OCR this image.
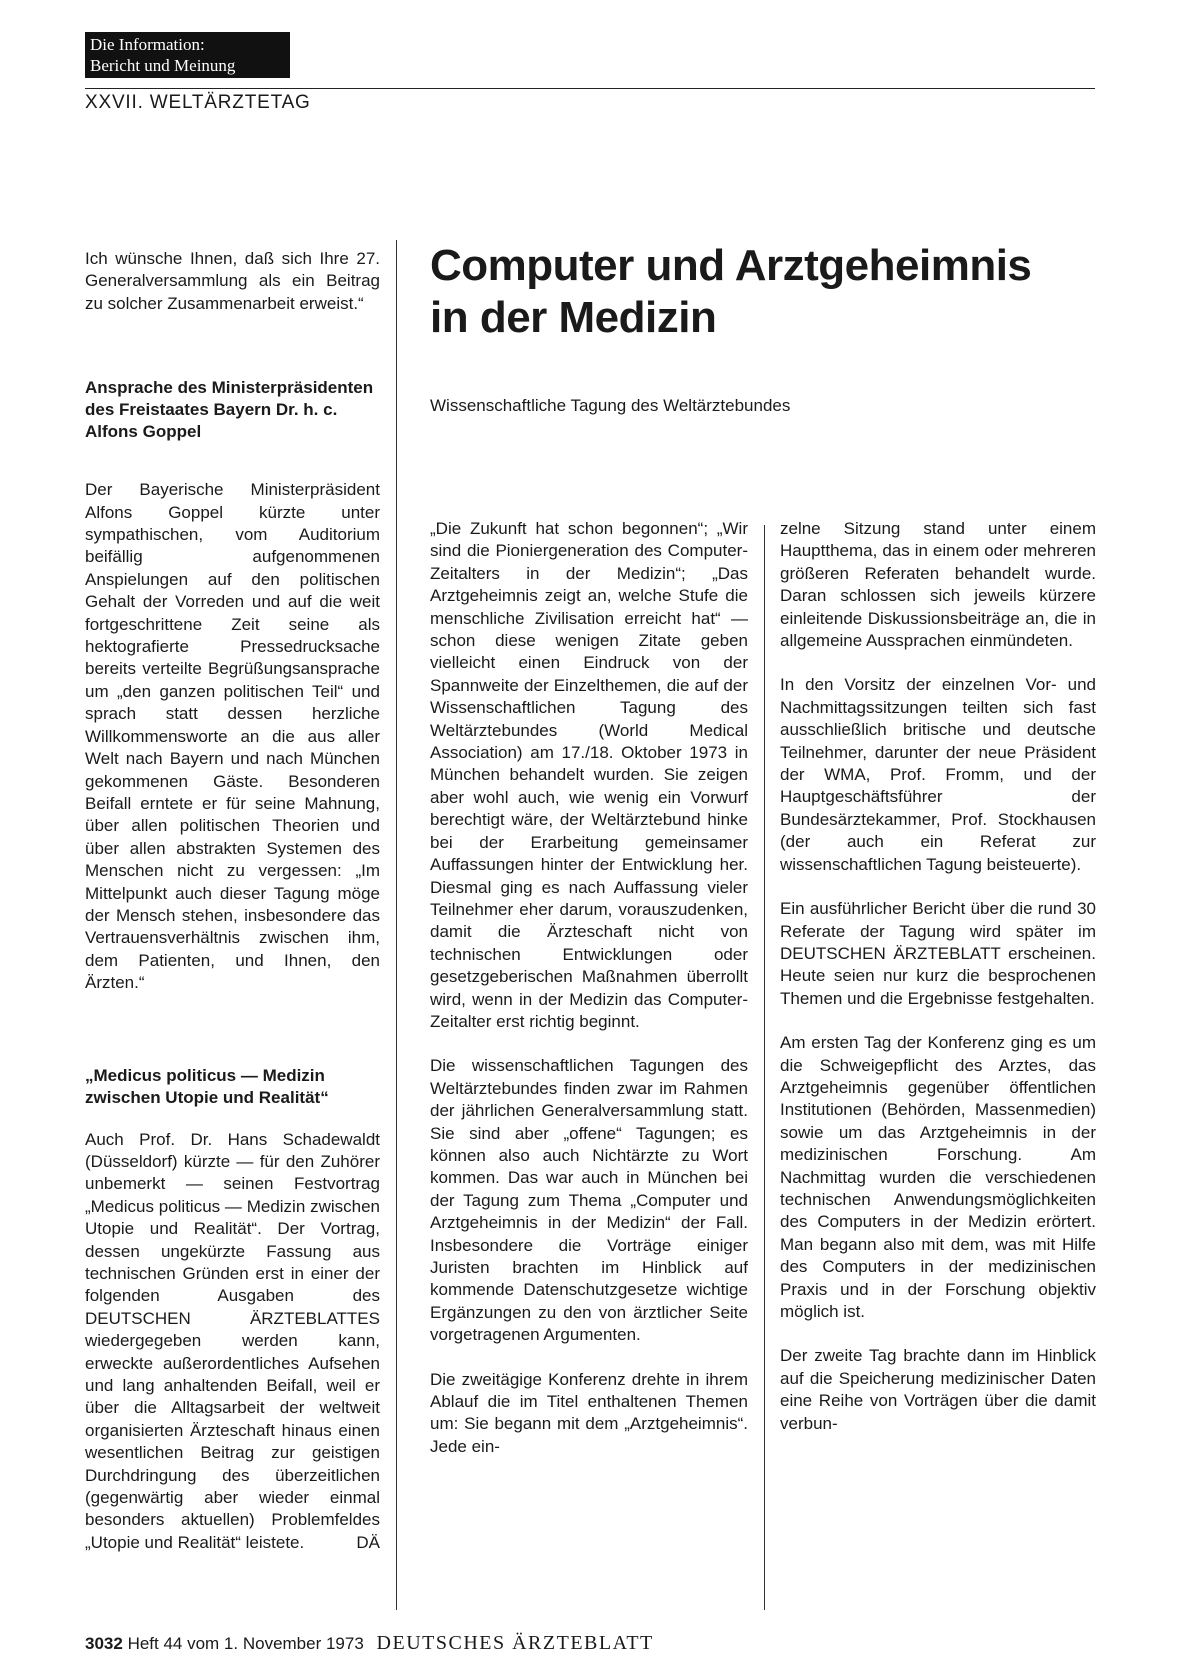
Die Information:
Bericht und Meinung
XXVII. WELTÄRZTETAG
Computer und Arztgeheimnis in der Medizin
Wissenschaftliche Tagung des Weltärztebundes

Ich wünsche Ihnen, daß sich Ihre 27. Generalversammlung als ein Beitrag zu solcher Zusammenarbeit erweist.“

Ansprache des Ministerpräsidenten des Freistaates Bayern Dr. h. c. Alfons Goppel

Der Bayerische Ministerpräsident Alfons Goppel kürzte unter sympathischen, vom Auditorium beifällig aufgenommenen Anspielungen auf den politischen Gehalt der Vorreden und auf die weit fortgeschrittene Zeit seine als hektografierte Pressedrucksache bereits verteilte Begrüßungsansprache um „den ganzen politischen Teil“ und sprach statt dessen herzliche Willkommensworte an die aus aller Welt nach Bayern und nach München gekommenen Gäste. Besonderen Beifall erntete er für seine Mahnung, über allen politischen Theorien und über allen abstrakten Systemen des Menschen nicht zu vergessen: „Im Mittelpunkt auch dieser Tagung möge der Mensch stehen, insbesondere das Vertrauensverhältnis zwischen ihm, dem Patienten, und Ihnen, den Ärzten.“

„Medicus politicus — Medizin zwischen Utopie und Realität“

Auch Prof. Dr. Hans Schadewaldt (Düsseldorf) kürzte — für den Zuhörer unbemerkt — seinen Festvortrag „Medicus politicus — Medizin zwischen Utopie und Realität“. Der Vortrag, dessen ungekürzte Fassung aus technischen Gründen erst in einer der folgenden Ausgaben des DEUTSCHEN ÄRZTEBLATTES wiedergegeben werden kann, erweckte außerordentliches Aufsehen und lang anhaltenden Beifall, weil er über die Alltagsarbeit der weltweit organisierten Ärzteschaft hinaus einen wesentlichen Beitrag zur geistigen Durchdringung des überzeitlichen (gegenwärtig aber wieder einmal besonders aktuellen) Problemfeldes „Utopie und Realität“ leistete.	DÄ

„Die Zukunft hat schon begonnen“; „Wir sind die Pioniergeneration des Computer-Zeitalters in der Medizin“; „Das Arztgeheimnis zeigt an, welche Stufe die menschliche Zivilisation erreicht hat“ — schon diese wenigen Zitate geben vielleicht einen Eindruck von der Spannweite der Einzelthemen, die auf der Wissenschaftlichen Tagung des Weltärztebundes (World Medical Association) am 17./18. Oktober 1973 in München behandelt wurden. Sie zeigen aber wohl auch, wie wenig ein Vorwurf berechtigt wäre, der Weltärztebund hinke bei der Erarbeitung gemeinsamer Auffassungen hinter der Entwicklung her. Diesmal ging es nach Auffassung vieler Teilnehmer eher darum, vorauszudenken, damit die Ärzteschaft nicht von technischen Entwicklungen oder gesetzgeberischen Maßnahmen überrollt wird, wenn in der Medizin das Computer-Zeitalter erst richtig beginnt.

Die wissenschaftlichen Tagungen des Weltärztebundes finden zwar im Rahmen der jährlichen Generalversammlung statt. Sie sind aber „offene“ Tagungen; es können also auch Nichtärzte zu Wort kommen. Das war auch in München bei der Tagung zum Thema „Computer und Arztgeheimnis in der Medizin“ der Fall. Insbesondere die Vorträge einiger Juristen brachten im Hinblick auf kommende Datenschutzgesetze wichtige Ergänzungen zu den von ärztlicher Seite vorgetragenen Argumenten.

Die zweitägige Konferenz drehte in ihrem Ablauf die im Titel enthaltenen Themen um: Sie begann mit dem „Arztgeheimnis“. Jede ein-

zelne Sitzung stand unter einem Hauptthema, das in einem oder mehreren größeren Referaten behandelt wurde. Daran schlossen sich jeweils kürzere einleitende Diskussionsbeiträge an, die in allgemeine Aussprachen einmündeten.

In den Vorsitz der einzelnen Vor- und Nachmittagssitzungen teilten sich fast ausschließlich britische und deutsche Teilnehmer, darunter der neue Präsident der WMA, Prof. Fromm, und der Hauptgeschäftsführer der Bundesärztekammer, Prof. Stockhausen (der auch ein Referat zur wissenschaftlichen Tagung beisteuerte).

Ein ausführlicher Bericht über die rund 30 Referate der Tagung wird später im DEUTSCHEN ÄRZTEBLATT erscheinen. Heute seien nur kurz die besprochenen Themen und die Ergebnisse festgehalten.

Am ersten Tag der Konferenz ging es um die Schweigepflicht des Arztes, das Arztgeheimnis gegenüber öffentlichen Institutionen (Behörden, Massenmedien) sowie um das Arztgeheimnis in der medizinischen Forschung. Am Nachmittag wurden die verschiedenen technischen Anwendungsmöglichkeiten des Computers in der Medizin erörtert. Man begann also mit dem, was mit Hilfe des Computers in der medizinischen Praxis und in der Forschung objektiv möglich ist.

Der zweite Tag brachte dann im Hinblick auf die Speicherung medizinischer Daten eine Reihe von Vorträgen über die damit verbun-

3032 Heft 44 vom 1. November 1973 DEUTSCHES ÄRZTEBLATT
